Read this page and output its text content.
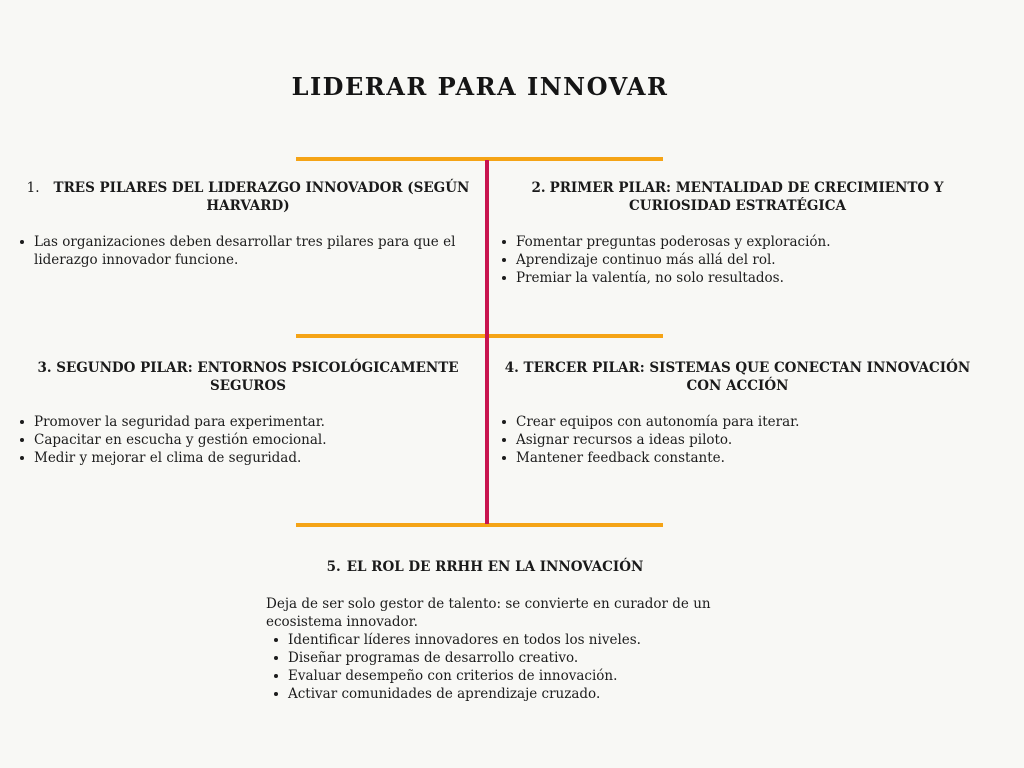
LIDERAR PARA INNOVAR
1. TRES PILARES DEL LIDERAZGO INNOVADOR (SEGÚN HARVARD)
Las organizaciones deben desarrollar tres pilares para que el liderazgo innovador funcione.
2. PRIMER PILAR: MENTALIDAD DE CRECIMIENTO Y CURIOSIDAD ESTRATÉGICA
Fomentar preguntas poderosas y exploración.
Aprendizaje continuo más allá del rol.
Premiar la valentía, no solo resultados.
3. SEGUNDO PILAR: ENTORNOS PSICOLÓGICAMENTE SEGUROS
Promover la seguridad para experimentar.
Capacitar en escucha y gestión emocional.
Medir y mejorar el clima de seguridad.
4. TERCER PILAR: SISTEMAS QUE CONECTAN INNOVACIÓN CON ACCIÓN
Crear equipos con autonomía para iterar.
Asignar recursos a ideas piloto.
Mantener feedback constante.
5. EL ROL DE RRHH EN LA INNOVACIÓN

Deja de ser solo gestor de talento: se convierte en curador de un ecosistema innovador.

Identificar líderes innovadores en todos los niveles.
Diseñar programas de desarrollo creativo.
Evaluar desempeño con criterios de innovación.
Activar comunidades de aprendizaje cruzado.
